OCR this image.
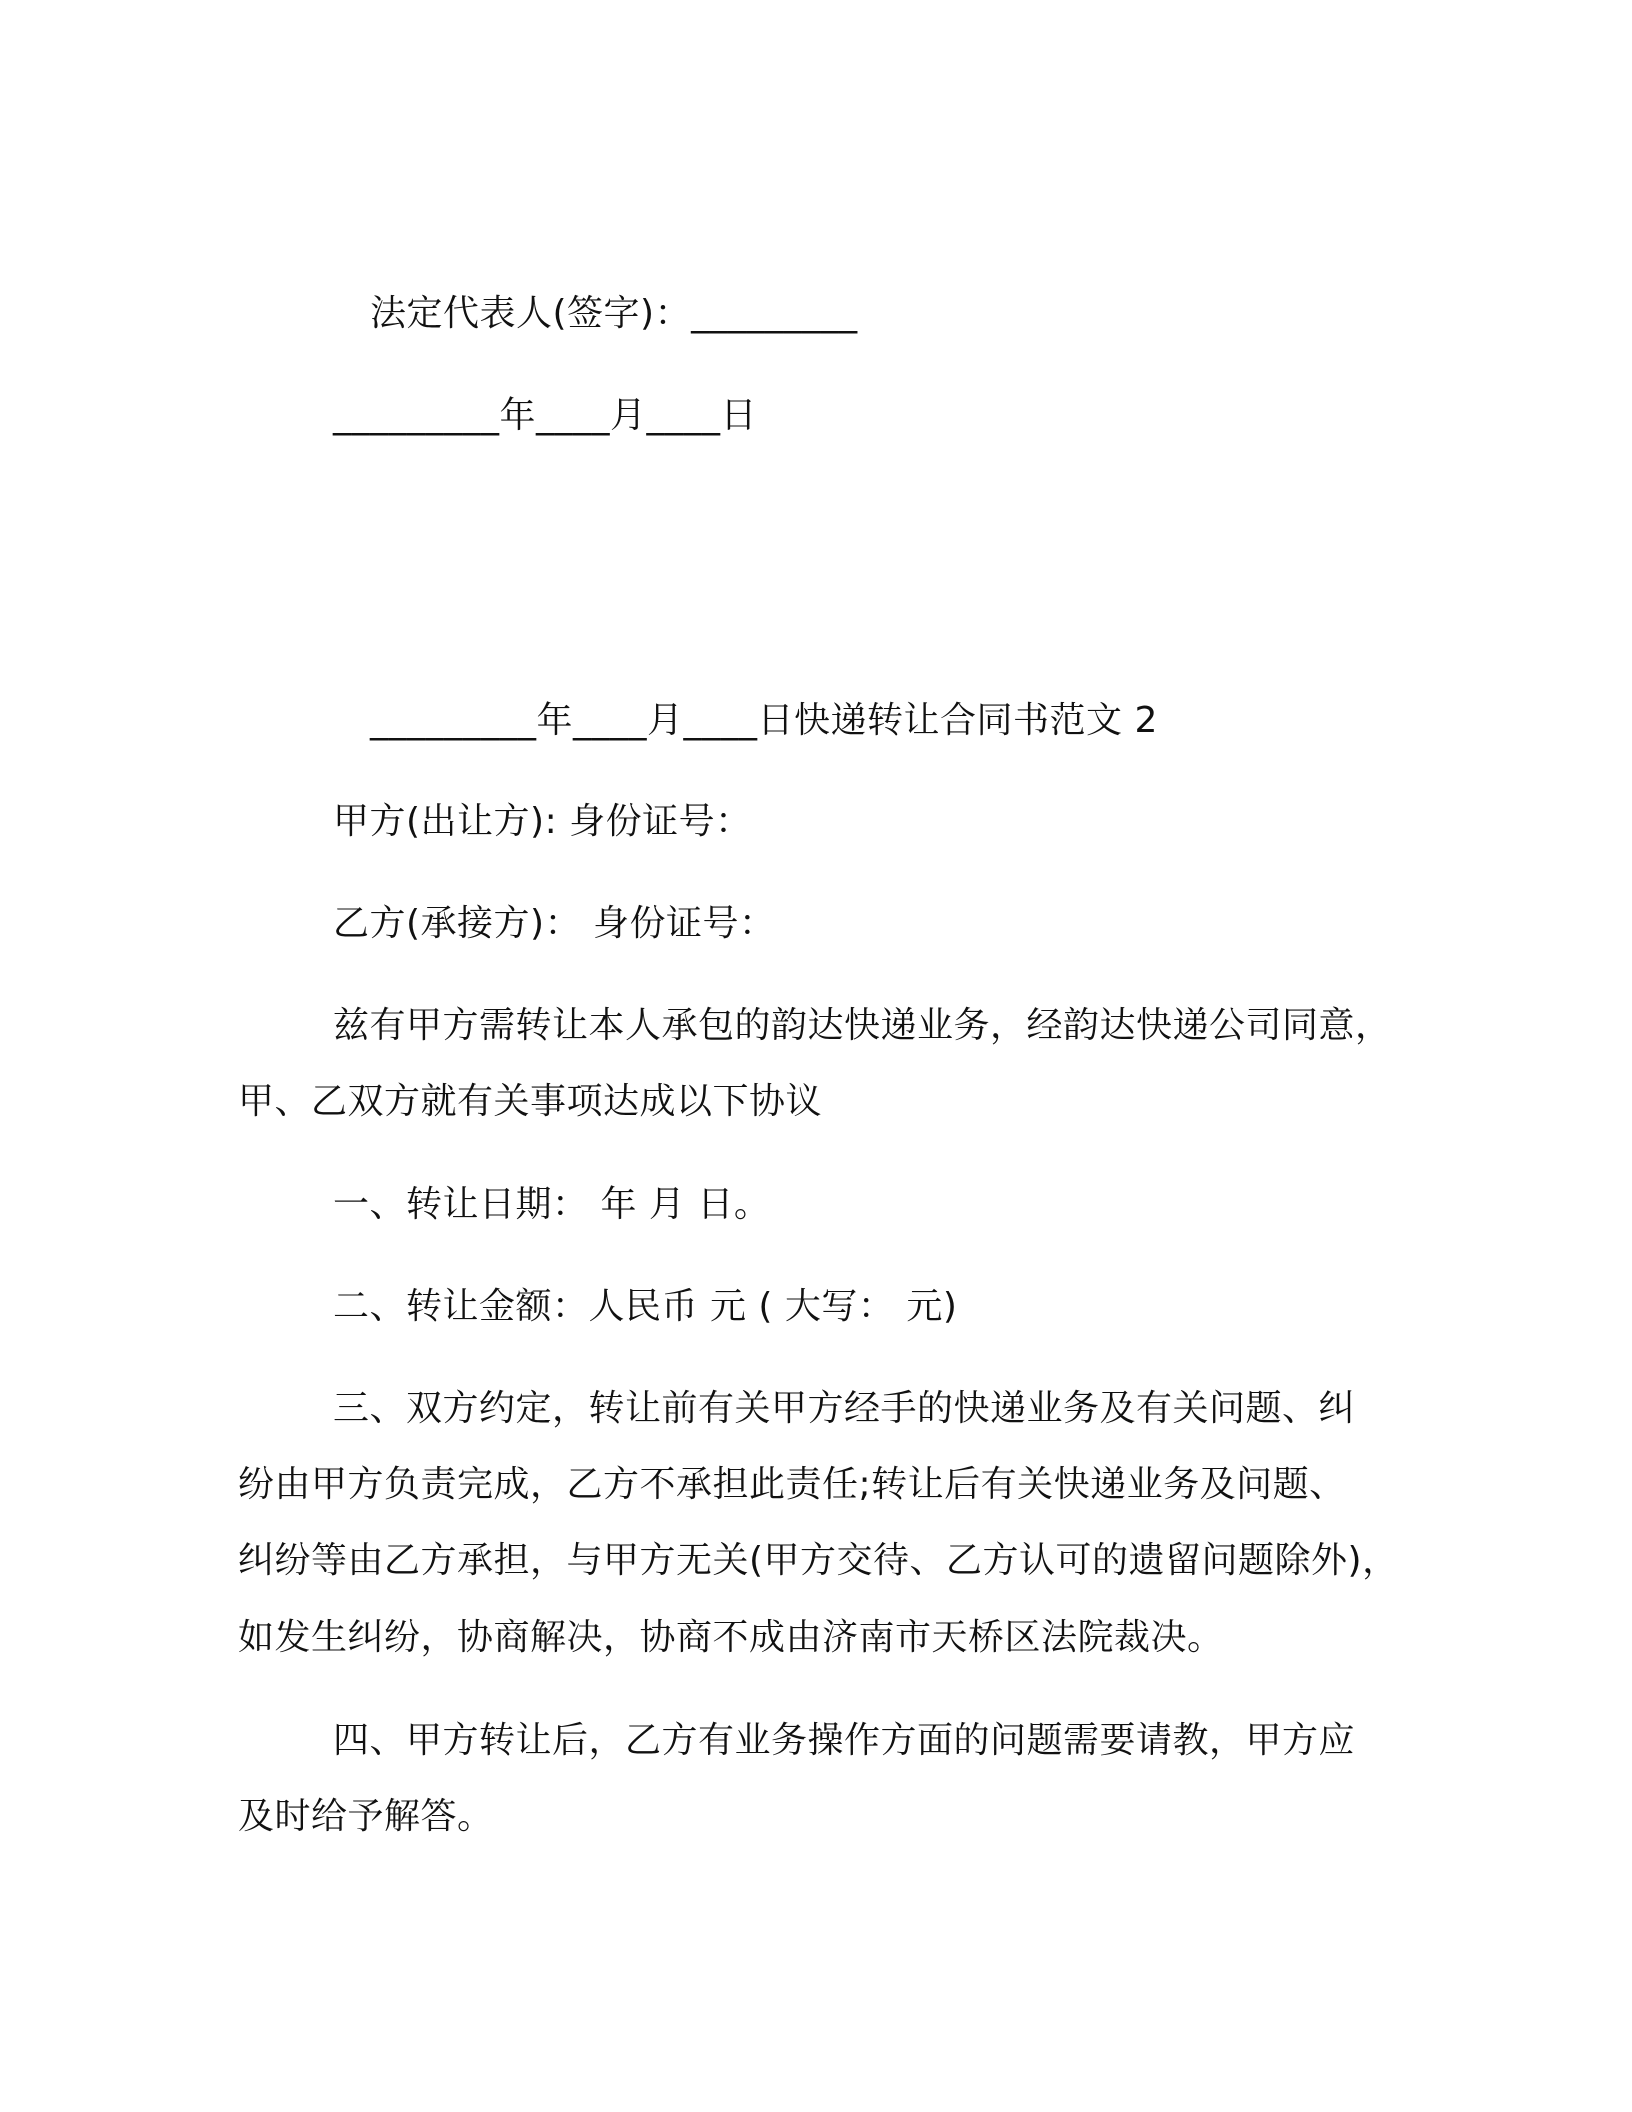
法定代表人(签字)：_________
_________年____月____日
_________年____月____日快递转让合同书范文 2
甲方(出让方): 身份证号：
乙方(承接方)： 身份证号：
兹有甲方需转让本人承包的韵达快递业务，经韵达快递公司同意，
甲、乙双方就有关事项达成以下协议
一、转让日期： 年 月 日。
二、转让金额：人民币 元 ( 大写： 元)
三、双方约定，转让前有关甲方经手的快递业务及有关问题、纠
纷由甲方负责完成，乙方不承担此责任;转让后有关快递业务及问题、
纠纷等由乙方承担，与甲方无关(甲方交待、乙方认可的遗留问题除外)，
如发生纠纷，协商解决，协商不成由济南市天桥区法院裁决。
四、甲方转让后，乙方有业务操作方面的问题需要请教，甲方应
及时给予解答。
